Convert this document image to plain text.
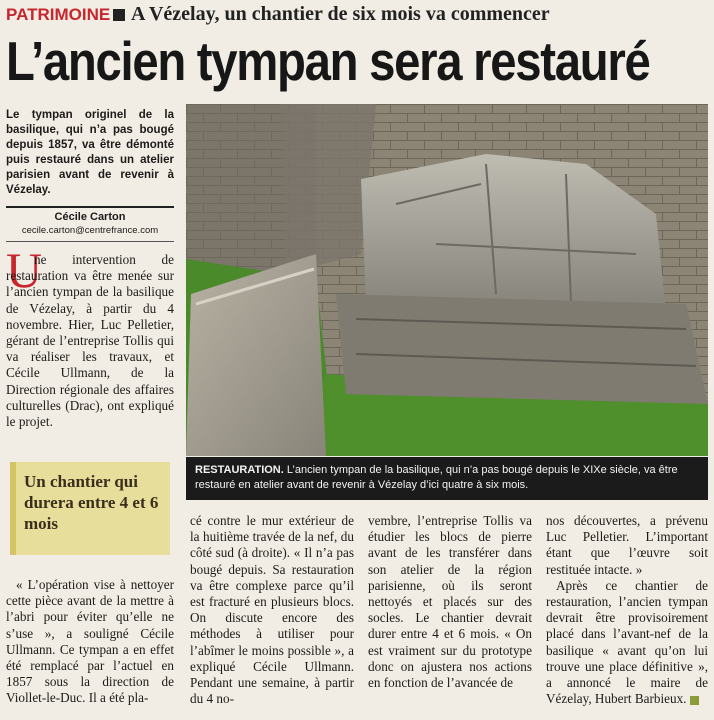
PATRIMOINE A Vézelay, un chantier de six mois va commencer
L’ancien tympan sera restauré
Le tympan originel de la basilique, qui n’a pas bougé depuis 1857, va être démonté puis restauré dans un atelier parisien avant de revenir à Vézelay.
Cécile Carton
cecile.carton@centrefrance.com
U
ne intervention de restauration va être menée sur l’ancien tympan de la basilique de Vézelay, à partir du 4 novembre. Hier, Luc Pelletier, gérant de l’entreprise Tollis qui va réaliser les travaux, et Cécile Ullmann, de la Direction régionale des affaires culturelles (Drac), ont expliqué le projet.
Un chantier qui durera entre 4 et 6 mois
« L’opération vise à nettoyer cette pièce avant de la mettre à l’abri pour éviter qu’elle ne s’use », a souligné Cécile Ullmann. Ce tympan a en effet été remplacé par l’actuel en 1857 sous la direction de Viollet-le-Duc. Il a été pla-
RESTAURATION. L’ancien tympan de la basilique, qui n’a pas bougé depuis le XIXe siècle, va être restauré en atelier avant de revenir à Vézelay d’ici quatre à six mois.
cé contre le mur extérieur de la huitième travée de la nef, du côté sud (à droite). « Il n’a pas bougé depuis. Sa restauration va être complexe parce qu’il est fracturé en plusieurs blocs. On discute encore des méthodes à utiliser pour l’abîmer le moins possible », a expliqué Cécile Ullmann. Pendant une semaine, à partir du 4 no-
vembre, l’entreprise Tollis va étudier les blocs de pierre avant de les transférer dans son atelier de la région parisienne, où ils seront nettoyés et placés sur des socles. Le chantier devrait durer entre 4 et 6 mois. « On est vraiment sur du prototype donc on ajustera nos actions en fonction de l’avancée de

nos découvertes, a prévenu Luc Pelletier. L’important étant que l’œuvre soit restituée intacte. »

Après ce chantier de restauration, l’ancien tympan devrait être provisoirement placé dans l’avant-nef de la basilique « avant qu’on lui trouve une place définitive », a annoncé le maire de Vézelay, Hubert Barbieux.
